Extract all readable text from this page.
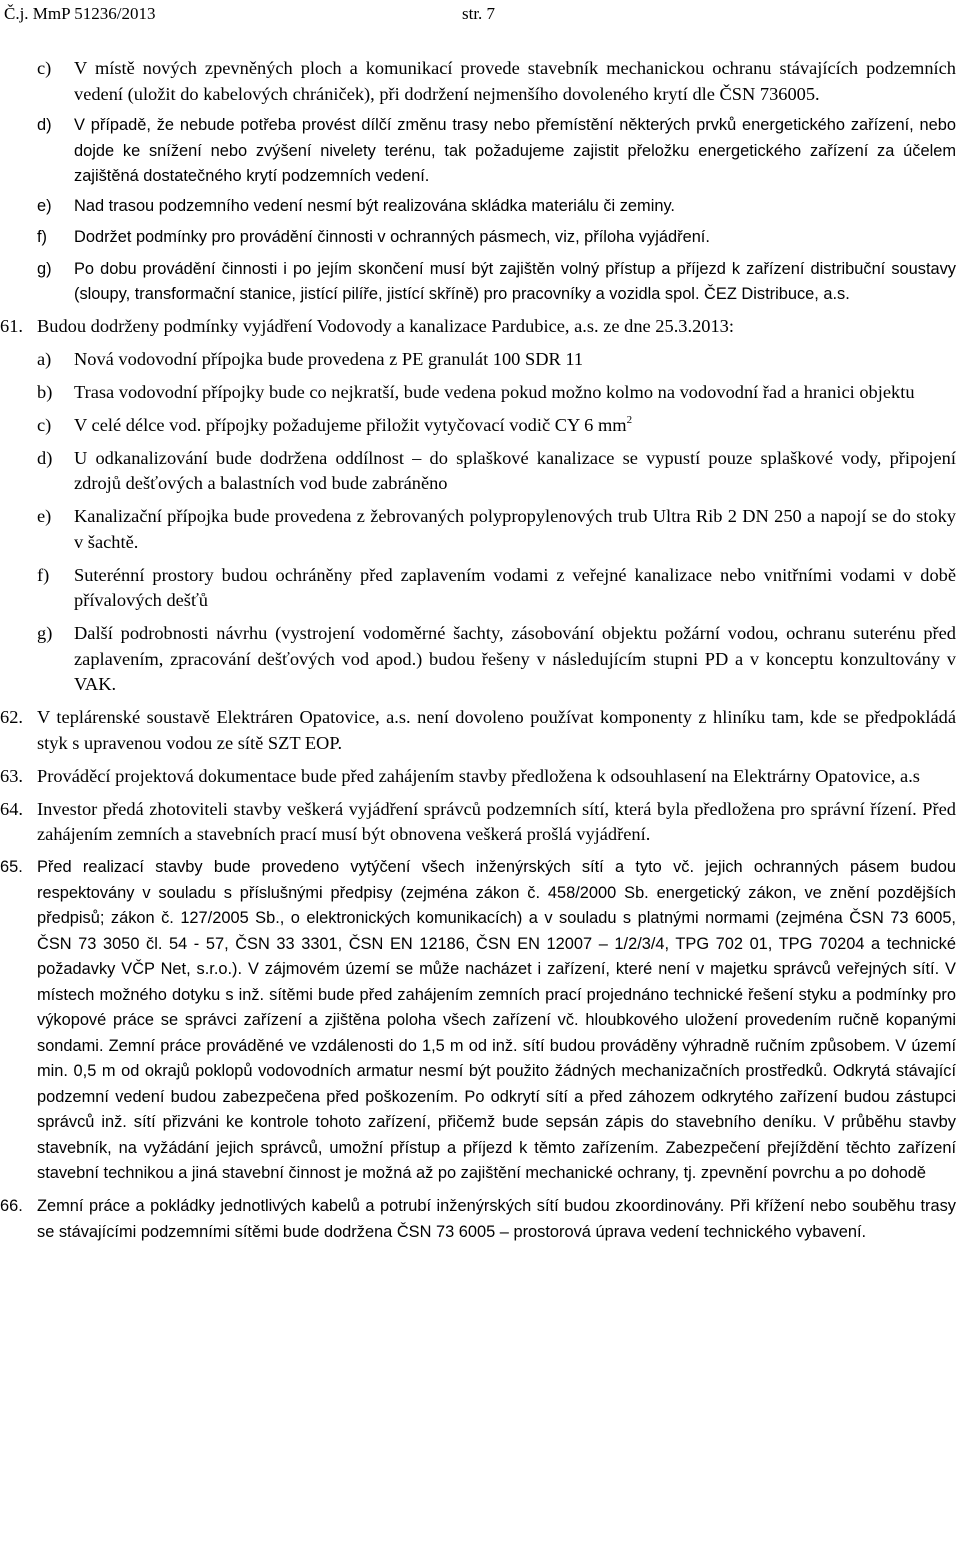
Č.j. MmP 51236/2013	str. 7
c) V místě nových zpevněných ploch a komunikací provede stavebník mechanickou ochranu stávajících podzemních vedení (uložit do kabelových chrániček), při dodržení nejmenšího dovoleného krytí dle ČSN 736005.
d) V případě, že nebude potřeba provést dílčí změnu trasy nebo přemístění některých prvků energetického zařízení, nebo dojde ke snížení nebo zvýšení nivelety terénu, tak požadujeme zajistit přeložku energetického zařízení za účelem zajištěná dostatečného krytí podzemních vedení.
e) Nad trasou podzemního vedení nesmí být realizována skládka materiálu či zeminy.
f) Dodržet podmínky pro provádění činnosti v ochranných pásmech, viz, příloha vyjádření.
g) Po dobu provádění činnosti i po jejím skončení musí být zajištěn volný přístup a příjezd k zařízení distribuční soustavy (sloupy, transformační stanice, jistící pilíře, jistící skříně) pro pracovníky a vozidla spol. ČEZ Distribuce, a.s.
61. Budou dodrženy podmínky vyjádření Vodovody a kanalizace Pardubice, a.s. ze dne 25.3.2013:
a) Nová vodovodní přípojka bude provedena z PE granulát 100 SDR 11
b) Trasa vodovodní přípojky bude co nejkratší, bude vedena pokud možno kolmo na vodovodní řad a hranici objektu
c) V celé délce vod. přípojky požadujeme přiložit vytyčovací vodič CY 6 $mm^2$
d) U odkanalizování bude dodržena oddílnost – do splaškové kanalizace se vypustí pouze splaškové vody, připojení zdrojů dešťových a balastních vod bude zabráněno
e) Kanalizační přípojka bude provedena z žebrovaných polypropylenových trub Ultra Rib 2 DN 250 a napojí se do stoky v šachtě.
f) Suterénní prostory budou ochráněny před zaplavením vodami z veřejné kanalizace nebo vnitřními vodami v době přívalových dešťů
g) Další podrobnosti návrhu (vystrojení vodoměrné šachty, zásobování objektu požární vodou, ochranu suterénu před zaplavením, zpracování dešťových vod apod.) budou řešeny v následujícím stupni PD a v konceptu konzultovány v VAK.
62. V teplárenské soustavě Elektráren Opatovice, a.s. není dovoleno používat komponenty z hliníku tam, kde se předpokládá styk s upravenou vodou ze sítě SZT EOP.
63. Prováděcí projektová dokumentace bude před zahájením stavby předložena k odsouhlasení na Elektrárny Opatovice, a.s
64. Investor předá zhotoviteli stavby veškerá vyjádření správců podzemních sítí, která byla předložena pro správní řízení. Před zahájením zemních a stavebních prací musí být obnovena veškerá prošlá vyjádření.
65. Před realizací stavby bude provedeno vytýčení všech inženýrských sítí a tyto vč. jejich ochranných pásem budou respektovány v souladu s příslušnými předpisy (zejména zákon č. 458/2000 Sb. energetický zákon, ve znění pozdějších předpisů; zákon č. 127/2005 Sb., o elektronických komunikacích) a v souladu s platnými normami (zejména ČSN 73 6005, ČSN 73 3050 čl. 54 - 57, ČSN 33 3301, ČSN EN 12186, ČSN EN 12007 – 1/2/3/4, TPG 702 01, TPG 70204 a technické požadavky VČP Net, s.r.o.). V zájmovém území se může nacházet i zařízení, které není v majetku správců veřejných sítí. V místech možného dotyku s inž. sítěmi bude před zahájením zemních prací projednáno technické řešení styku a podmínky pro výkopové práce se správci zařízení a zjištěna poloha všech zařízení vč. hloubkového uložení provedením ručně kopanými sondami. Zemní práce prováděné ve vzdálenosti do 1,5 m od inž. sítí budou prováděny výhradně ručním způsobem. V území min. 0,5 m od okrajů poklopů vodovodních armatur nesmí být použito žádných mechanizačních prostředků. Odkrytá stávající podzemní vedení budou zabezpečena před poškozením. Po odkrytí sítí a před záhozem odkrytého zařízení budou zástupci správců inž. sítí přizváni ke kontrole tohoto zařízení, přičemž bude sepsán zápis do stavebního deníku. V průběhu stavby stavebník, na vyžádání jejich správců, umožní přístup a příjezd k těmto zařízením. Zabezpečení přejíždění těchto zařízení stavební technikou a jiná stavební činnost je možná až po zajištění mechanické ochrany, tj. zpevnění povrchu a po dohodě
66. Zemní práce a pokládky jednotlivých kabelů a potrubí inženýrských sítí budou zkoordinovány. Při křížení nebo souběhu trasy se stávajícími podzemními sítěmi bude dodržena ČSN 73 6005 – prostorová úprava vedení technického vybavení.
